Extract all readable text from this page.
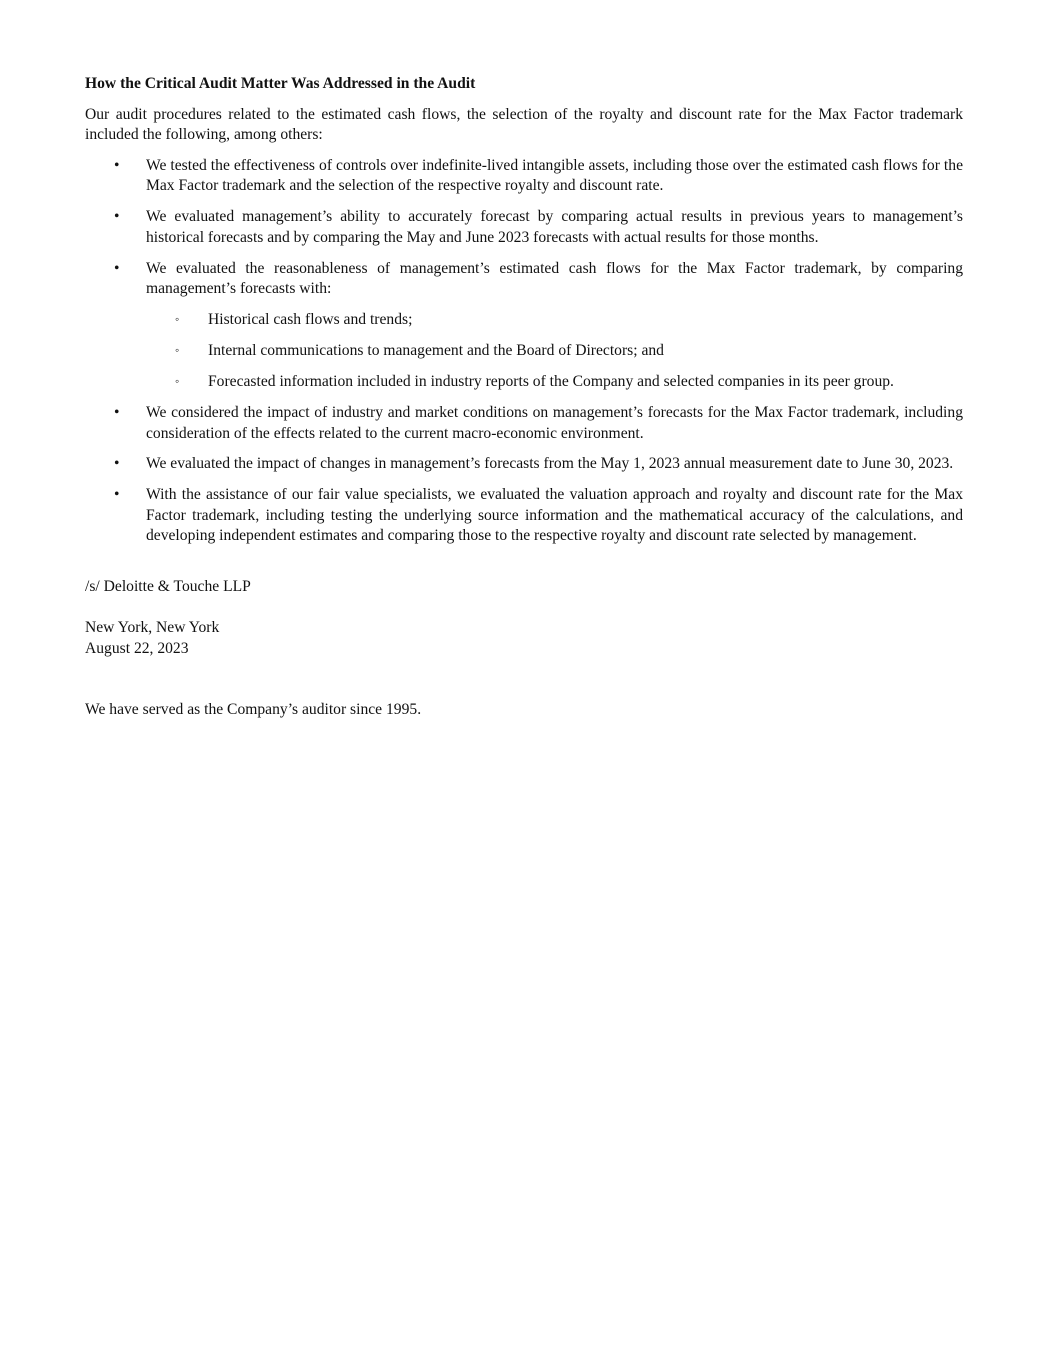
How the Critical Audit Matter Was Addressed in the Audit

Our audit procedures related to the estimated cash flows, the selection of the royalty and discount rate for the Max Factor trademark included the following, among others:

•	We tested the effectiveness of controls over indefinite-lived intangible assets, including those over the estimated cash flows for the Max Factor trademark and the selection of the respective royalty and discount rate.
•	We evaluated management’s ability to accurately forecast by comparing actual results in previous years to management’s historical forecasts and by comparing the May and June 2023 forecasts with actual results for those months.
•	We evaluated the reasonableness of management’s estimated cash flows for the Max Factor trademark, by comparing management’s forecasts with:
◦ Historical cash flows and trends;
◦ Internal communications to management and the Board of Directors; and
◦ Forecasted information included in industry reports of the Company and selected companies in its peer group.
•	We considered the impact of industry and market conditions on management’s forecasts for the Max Factor trademark, including consideration of the effects related to the current macro-economic environment.
•	We evaluated the impact of changes in management’s forecasts from the May 1, 2023 annual measurement date to June 30, 2023.
•	With the assistance of our fair value specialists, we evaluated the valuation approach and royalty and discount rate for the Max Factor trademark, including testing the underlying source information and the mathematical accuracy of the calculations, and developing independent estimates and comparing those to the respective royalty and discount rate selected by management.

/s/ Deloitte & Touche LLP

New York, New York

August 22, 2023

We have served as the Company’s auditor since 1995.
